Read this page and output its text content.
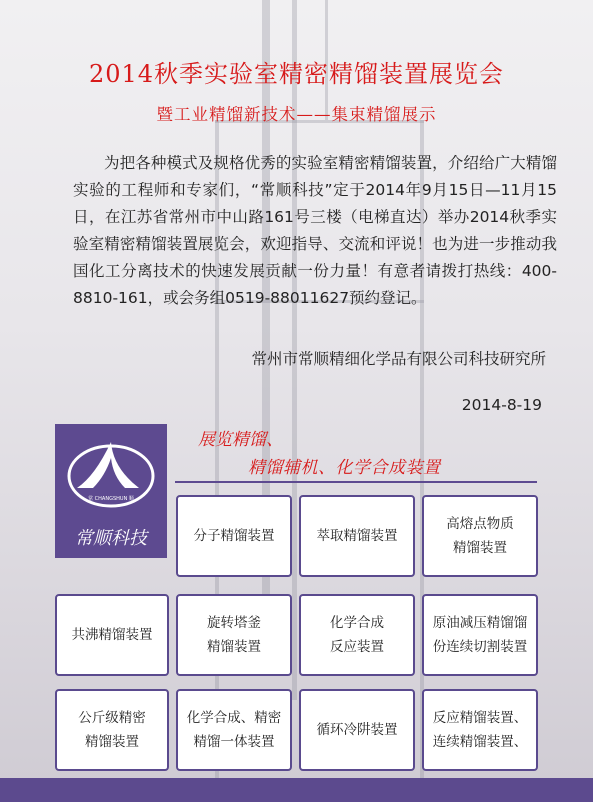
2014秋季实验室精密精馏装置展览会
暨工业精馏新技术——集束精馏展示

为把各种模式及规格优秀的实验室精密精馏装置，介绍给广大精馏实验的工程师和专家们，“常顺科技”定于2014年9月15日—11月15日，在江苏省常州市中山路161号三楼（电梯直达）举办2014秋季实验室精密精馏装置展览会，欢迎指导、交流和评说！也为进一步推动我国化工分离技术的快速发展贡献一份力量！有意者请拨打热线：400-8810-161，或会务组0519-88011627预约登记。

常州市常顺精细化学品有限公司科技研究所
2014-8-19
常 CHANGSHUN 顺
常顺科技
展览精馏、
精馏辅机、化学合成装置
分子精馏装置	萃取精馏装置
高熔点物质
精馏装置
共沸精馏装置
旋转塔釜
精馏装置
化学合成
反应装置
原油减压精馏馏
份连续切割装置
公斤级精密
精馏装置
化学合成、精密
精馏一体装置
循环冷阱装置
反应精馏装置、
连续精馏装置、
